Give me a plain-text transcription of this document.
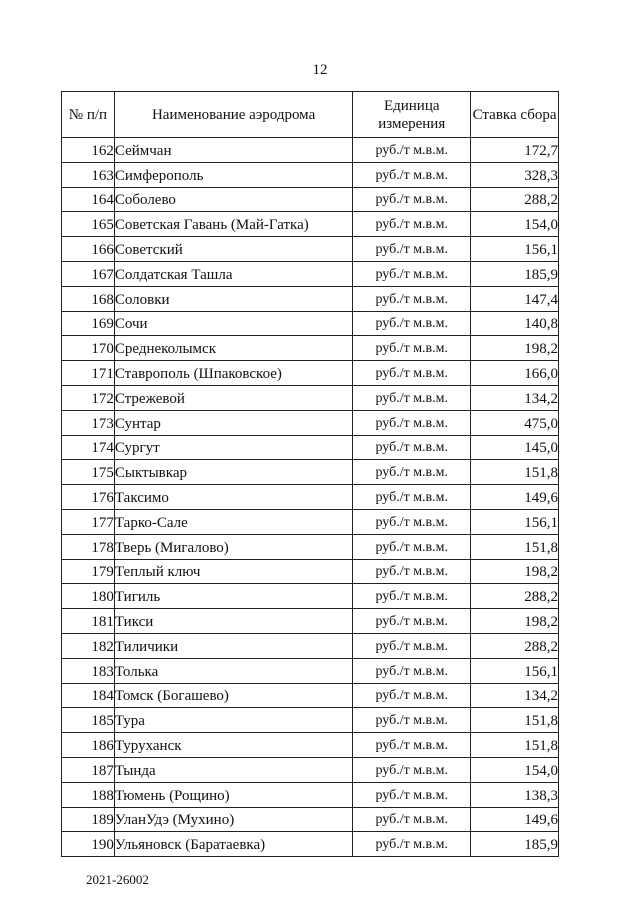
12
№ п/п	Наименование аэродрома	Единица измерения	Ставка сбора
162	Сеймчан	руб./т м.в.м.	172,7
163	Симферополь	руб./т м.в.м.	328,3
164	Соболево	руб./т м.в.м.	288,2
165	Советская Гавань (Май-Гатка)	руб./т м.в.м.	154,0
166	Советский	руб./т м.в.м.	156,1
167	Солдатская Ташла	руб./т м.в.м.	185,9
168	Соловки	руб./т м.в.м.	147,4
169	Сочи	руб./т м.в.м.	140,8
170	Среднеколымск	руб./т м.в.м.	198,2
171	Ставрополь (Шпаковское)	руб./т м.в.м.	166,0
172	Стрежевой	руб./т м.в.м.	134,2
173	Сунтар	руб./т м.в.м.	475,0
174	Сургут	руб./т м.в.м.	145,0
175	Сыктывкар	руб./т м.в.м.	151,8
176	Таксимо	руб./т м.в.м.	149,6
177	Тарко-Сале	руб./т м.в.м.	156,1
178	Тверь (Мигалово)	руб./т м.в.м.	151,8
179	Теплый ключ	руб./т м.в.м.	198,2
180	Тигиль	руб./т м.в.м.	288,2
181	Тикси	руб./т м.в.м.	198,2
182	Тиличики	руб./т м.в.м.	288,2
183	Толька	руб./т м.в.м.	156,1
184	Томск (Богашево)	руб./т м.в.м.	134,2
185	Тура	руб./т м.в.м.	151,8
186	Туруханск	руб./т м.в.м.	151,8
187	Тында	руб./т м.в.м.	154,0
188	Тюмень (Рощино)	руб./т м.в.м.	138,3
189	УланУдэ (Мухино)	руб./т м.в.м.	149,6
190	Ульяновск (Баратаевка)	руб./т м.в.м.	185,9
2021-26002
